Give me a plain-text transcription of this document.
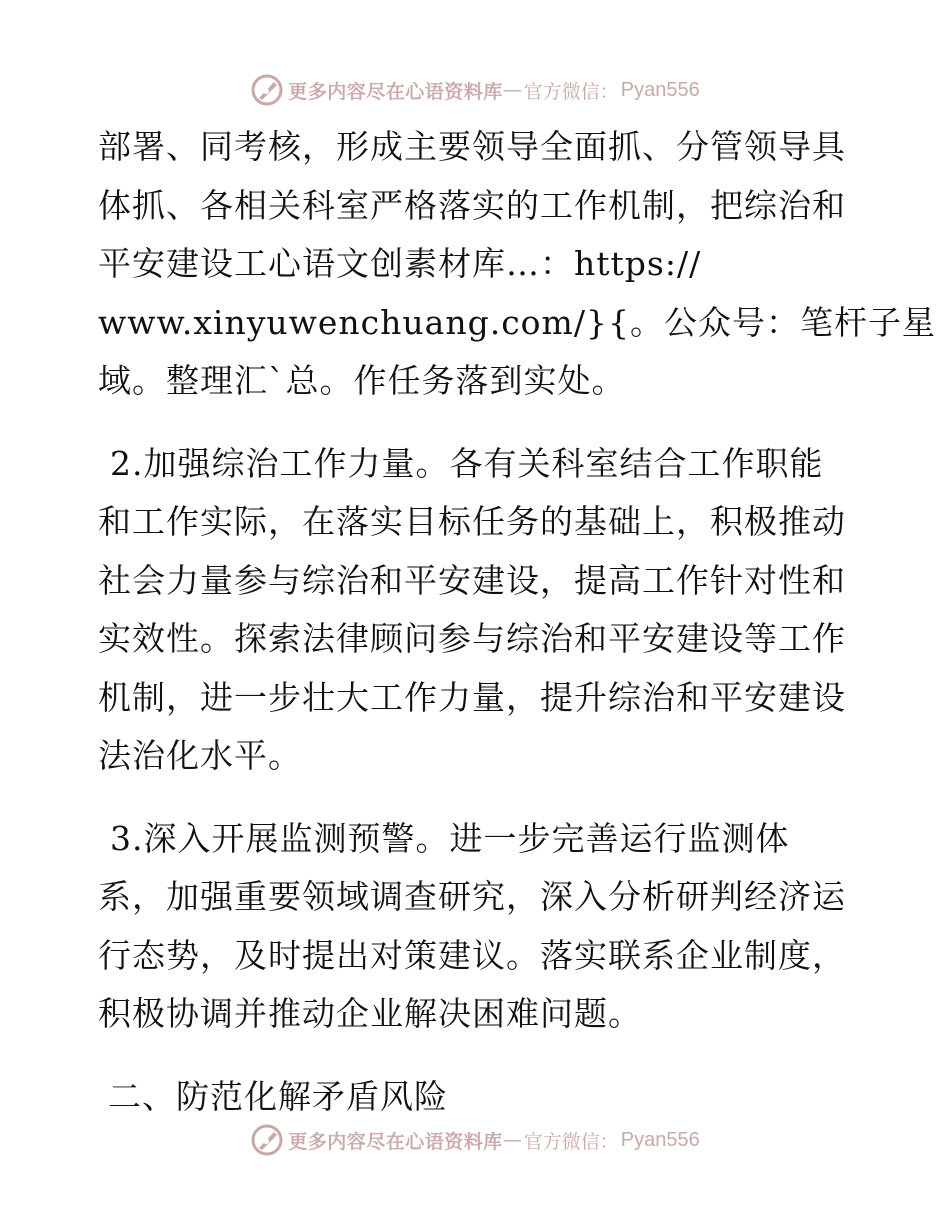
更多内容尽在心语资料库 — 官方微信： Pyan556

部署、同考核，形成主要领导全面抓、分管领导具
体抓、各相关科室严格落实的工作机制，把综治和
平安建设工心语文创素材库…：https://
www.xinyuwenchuang.com/}{。公众号：笔杆子星
域。整理汇`总。作任务落到实处。

2.加强综治工作力量。各有关科室结合工作职能
和工作实际，在落实目标任务的基础上，积极推动
社会力量参与综治和平安建设，提高工作针对性和
实效性。探索法律顾问参与综治和平安建设等工作
机制，进一步壮大工作力量，提升综治和平安建设
法治化水平。

3.深入开展监测预警。进一步完善运行监测体
系，加强重要领域调查研究，深入分析研判经济运
行态势，及时提出对策建议。落实联系企业制度，
积极协调并推动企业解决困难问题。

二、防范化解矛盾风险

更多内容尽在心语资料库 — 官方微信： Pyan556
